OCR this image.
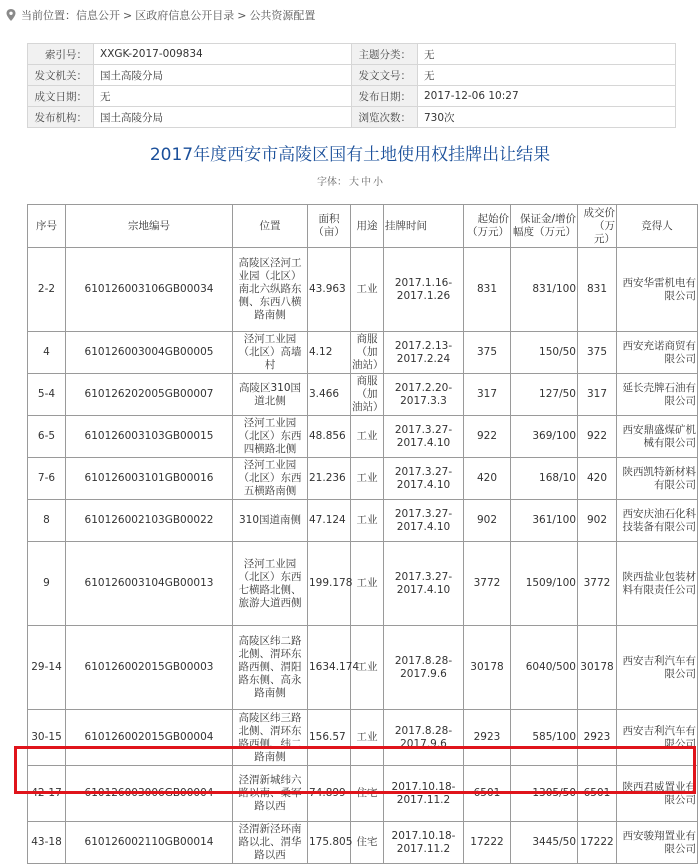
当前位置： 信息公开 > 区政府信息公开目录 > 公共资源配置
索引号：	XXGK-2017-009834	主题分类：	无
发文机关：	国土高陵分局	发文文号：	无
成文日期：	无	发布日期：	2017-12-06 10:27
发布机构：	国土高陵分局	浏览次数：	730次
2017年度西安市高陵区国有土地使用权挂牌出让结果
字体： 大 中 小
序号	宗地编号	位置	面积（亩）	用途	挂牌时间	起始价（万元）	保证金/增价幅度（万元）	成交价（万元）	竞得人
2-2	610126003106GB00034	高陵区泾河工业园（北区）南北六纵路东侧、东西八横路南侧	43.963	工业	2017.1.16-2017.1.26	831	831/100	831	西安华雷机电有限公司
4	610126003004GB00005	泾河工业园（北区）高墙村	4.12	商服（加油站）	2017.2.13-2017.2.24	375	150/50	375	西安充诺商贸有限公司
5-4	610126202005GB00007	高陵区310国道北侧	3.466	商服（加油站）	2017.2.20-2017.3.3	317	127/50	317	延长壳牌石油有限公司
6-5	610126003103GB00015	泾河工业园（北区）东西四横路北侧	48.856	工业	2017.3.27-2017.4.10	922	369/100	922	西安鼎盛煤矿机械有限公司
7-6	610126003101GB00016	泾河工业园（北区）东西五横路南侧	21.236	工业	2017.3.27-2017.4.10	420	168/10	420	陕西凯特新材料有限公司
8	610126002103GB00022	310国道南侧	47.124	工业	2017.3.27-2017.4.10	902	361/100	902	西安庆油石化科技装备有限公司
9	610126003104GB00013	泾河工业园（北区）东西七横路北侧、旅游大道西侧	199.178	工业	2017.3.27-2017.4.10	3772	1509/100	3772	陕西盐业包装材料有限责任公司
29-14	610126002015GB00003	高陵区纬二路北侧、渭环东路西侧、渭阳路东侧、高永路南侧	1634.174	工业	2017.8.28-2017.9.6	30178	6040/500	30178	西安吉利汽车有限公司
30-15	610126002015GB00004	高陵区纬三路北侧、渭环东路西侧、纬二路南侧	156.57	工业	2017.8.28-2017.9.6	2923	585/100	2923	西安吉利汽车有限公司
42-17	610126003006GB00004	泾渭新城纬六路以南、桑军路以西	74.899	住宅	2017.10.18-2017.11.2	6501	1305/50	6501	陕西君威置业有限公司
43-18	610126002110GB00014	泾渭新泾环南路以北、渭华路以西	175.805	住宅	2017.10.18-2017.11.2	17222	3445/50	17222	西安骏翔置业有限公司
